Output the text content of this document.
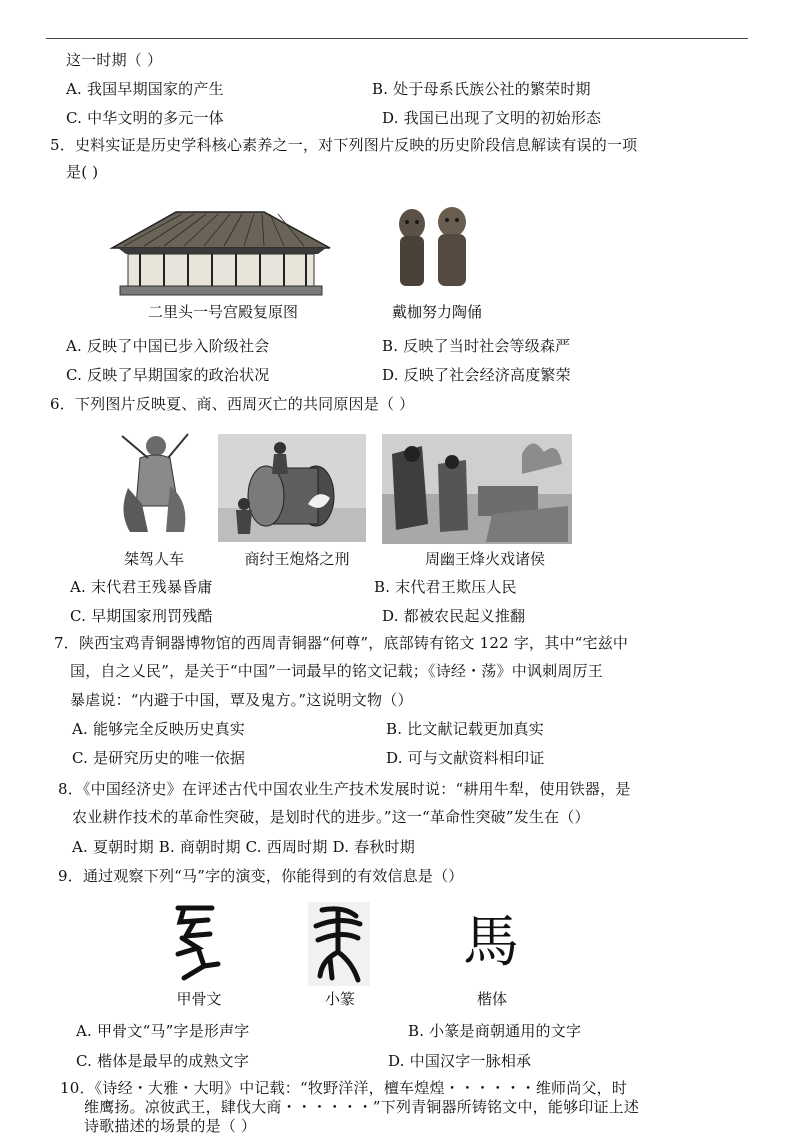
这一时期（ ）
A. 我国早期国家的产生	B. 处于母系氏族公社的繁荣时期
C. 中华文明的多元一体	D. 我国已出现了文明的初始形态
5．史料实证是历史学科核心素养之一，对下列图片反映的历史阶段信息解读有误的一项
是( )
二里头一号宫殿复原图	戴枷努力陶俑
A. 反映了中国已步入阶级社会	B. 反映了当时社会等级森严
C. 反映了早期国家的政治状况	D. 反映了社会经济高度繁荣
6．下列图片反映夏、商、西周灭亡的共同原因是（ ）
桀驾人车	商纣王炮烙之刑	周幽王烽火戏诸侯
A. 末代君王残暴昏庸	B. 末代君王欺压人民
C. 早期国家刑罚残酷	D. 都被农民起义推翻
7．陕西宝鸡青铜器博物馆的西周青铜器“何尊”，底部铸有铭文 122 字，其中“宅兹中
国，自之乂民”，是关于“中国”一词最早的铭文记载；《诗经・荡》中讽刺周厉王
暴虐说：“内避于中国，覃及鬼方。”这说明文物（）
A. 能够完全反映历史真实	B. 比文献记载更加真实
C. 是研究历史的唯一依据	D. 可与文献资料相印证
8．《中国经济史》在评述古代中国农业生产技术发展时说：“耕用牛犁，使用铁器，是
农业耕作技术的革命性突破，是划时代的进步。”这一“革命性突破”发生在（）
A. 夏朝时期 B. 商朝时期 C. 西周时期 D. 春秋时期
9．通过观察下列“马”字的演变，你能得到的有效信息是（）
甲骨文	小篆
馬
楷体
A. 甲骨文“马”字是形声字	B. 小篆是商朝通用的文字
C. 楷体是最早的成熟文字	D. 中国汉字一脉相承
10．《诗经・大雅・大明》中记载：“牧野洋洋，檀车煌煌・・・・・・维师尚父，时
维鹰扬。凉彼武王，肆伐大商・・・・・・”下列青铜器所铸铭文中，能够印证上述
诗歌描述的场景的是（ ）
